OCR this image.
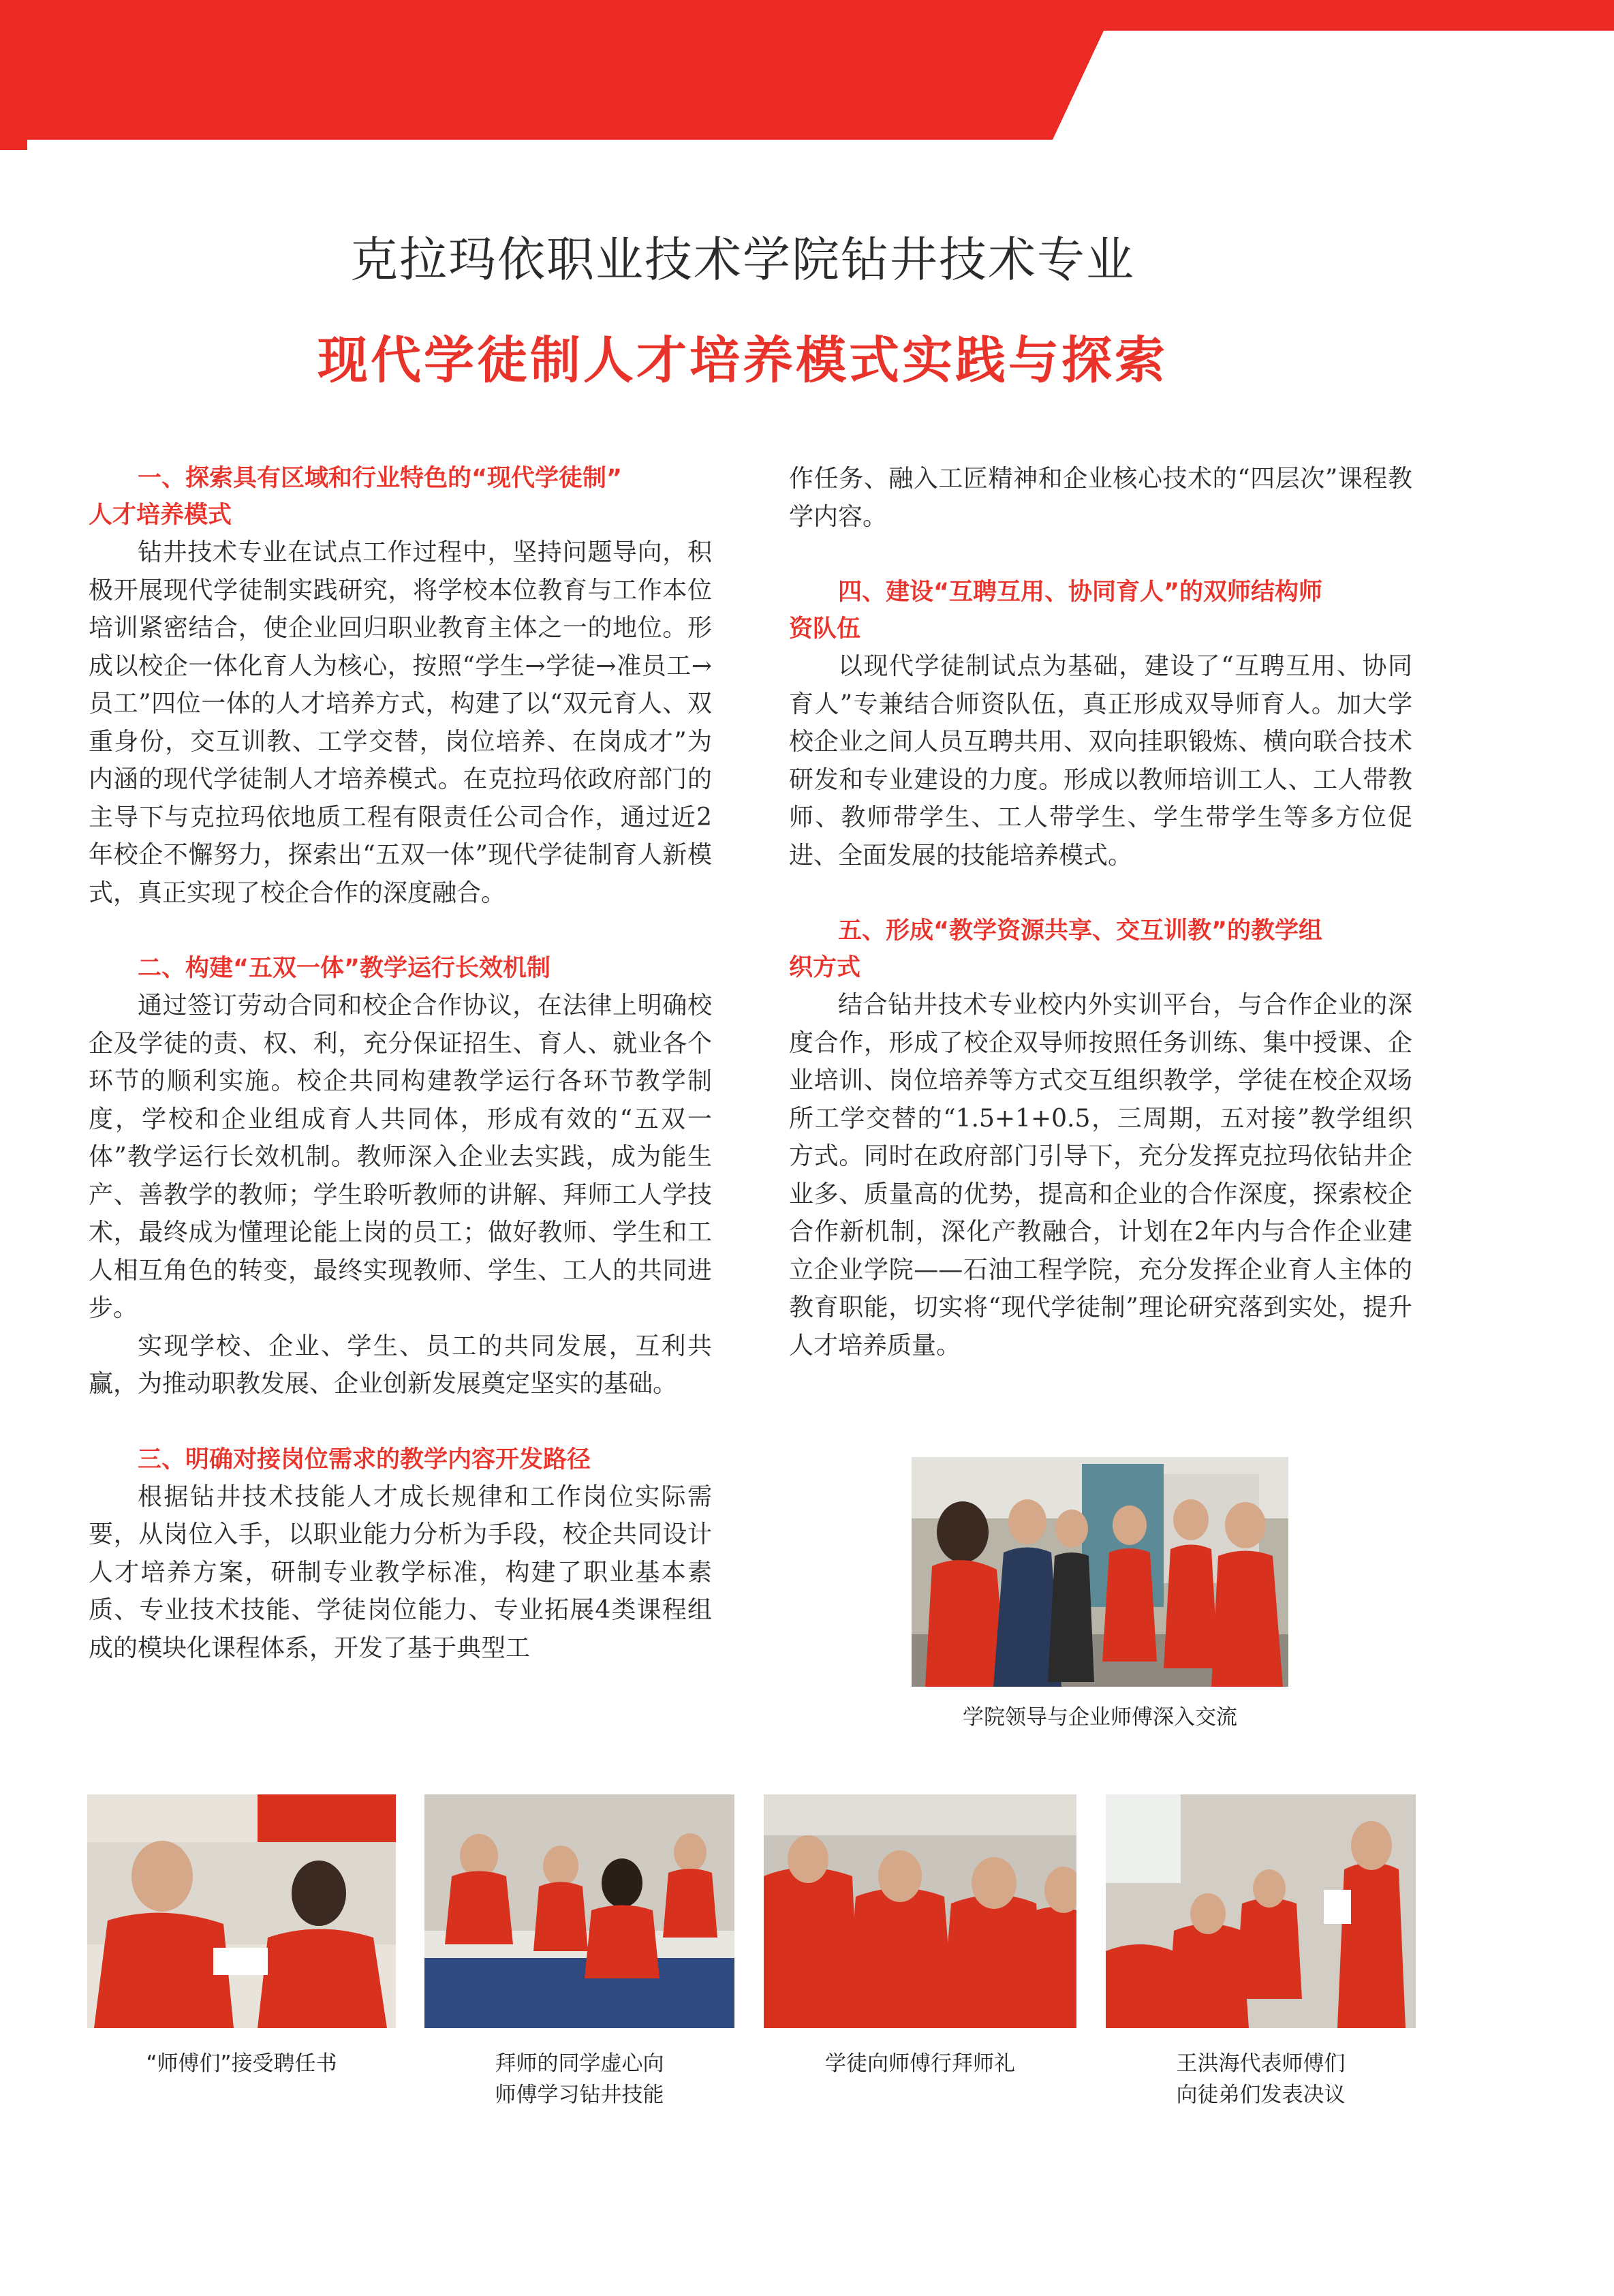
克拉玛依职业技术学院钻井技术专业
现代学徒制人才培养模式实践与探索
一、探索具有区域和行业特色的“现代学徒制”
人才培养模式

钻井技术专业在试点工作过程中，坚持问题导向，积极开展现代学徒制实践研究，将学校本位教育与工作本位培训紧密结合，使企业回归职业教育主体之一的地位。形成以校企一体化育人为核心，按照“学生→学徒→准员工→员工”四位一体的人才培养方式，构建了以“双元育人、双重身份，交互训教、工学交替，岗位培养、在岗成才”为内涵的现代学徒制人才培养模式。在克拉玛依政府部门的主导下与克拉玛依地质工程有限责任公司合作，通过近2年校企不懈努力，探索出“五双一体”现代学徒制育人新模式，真正实现了校企合作的深度融合。

二、构建“五双一体”教学运行长效机制

通过签订劳动合同和校企合作协议，在法律上明确校企及学徒的责、权、利，充分保证招生、育人、就业各个环节的顺利实施。校企共同构建教学运行各环节教学制度，学校和企业组成育人共同体，形成有效的“五双一体”教学运行长效机制。教师深入企业去实践，成为能生产、善教学的教师；学生聆听教师的讲解、拜师工人学技术，最终成为懂理论能上岗的员工；做好教师、学生和工人相互角色的转变，最终实现教师、学生、工人的共同进步。

实现学校、企业、学生、员工的共同发展，互利共赢，为推动职教发展、企业创新发展奠定坚实的基础。

三、明确对接岗位需求的教学内容开发路径

根据钻井技术技能人才成长规律和工作岗位实际需要，从岗位入手，以职业能力分析为手段，校企共同设计人才培养方案，研制专业教学标准，构建了职业基本素质、专业技术技能、学徒岗位能力、专业拓展4类课程组成的模块化课程体系，开发了基于典型工

作任务、融入工匠精神和企业核心技术的“四层次”课程教学内容。

四、建设“互聘互用、协同育人”的双师结构师
资队伍

以现代学徒制试点为基础，建设了“互聘互用、协同育人”专兼结合师资队伍，真正形成双导师育人。加大学校企业之间人员互聘共用、双向挂职锻炼、横向联合技术研发和专业建设的力度。形成以教师培训工人、工人带教师、教师带学生、工人带学生、学生带学生等多方位促进、全面发展的技能培养模式。

五、形成“教学资源共享、交互训教”的教学组
织方式

结合钻井技术专业校内外实训平台，与合作企业的深度合作，形成了校企双导师按照任务训练、集中授课、企业培训、岗位培养等方式交互组织教学，学徒在校企双场所工学交替的“1.5+1+0.5，三周期，五对接”教学组织方式。同时在政府部门引导下，充分发挥克拉玛依钻井企业多、质量高的优势，提高和企业的合作深度，探索校企合作新机制，深化产教融合，计划在2年内与合作企业建立企业学院——石油工程学院，充分发挥企业育人主体的教育职能，切实将“现代学徒制”理论研究落到实处，提升人才培养质量。

学院领导与企业师傅深入交流
“师傅们”接受聘任书	拜师的同学虚心向
师傅学习钻井技能
学徒向师傅行拜师礼	王洪海代表师傅们
向徒弟们发表决议
